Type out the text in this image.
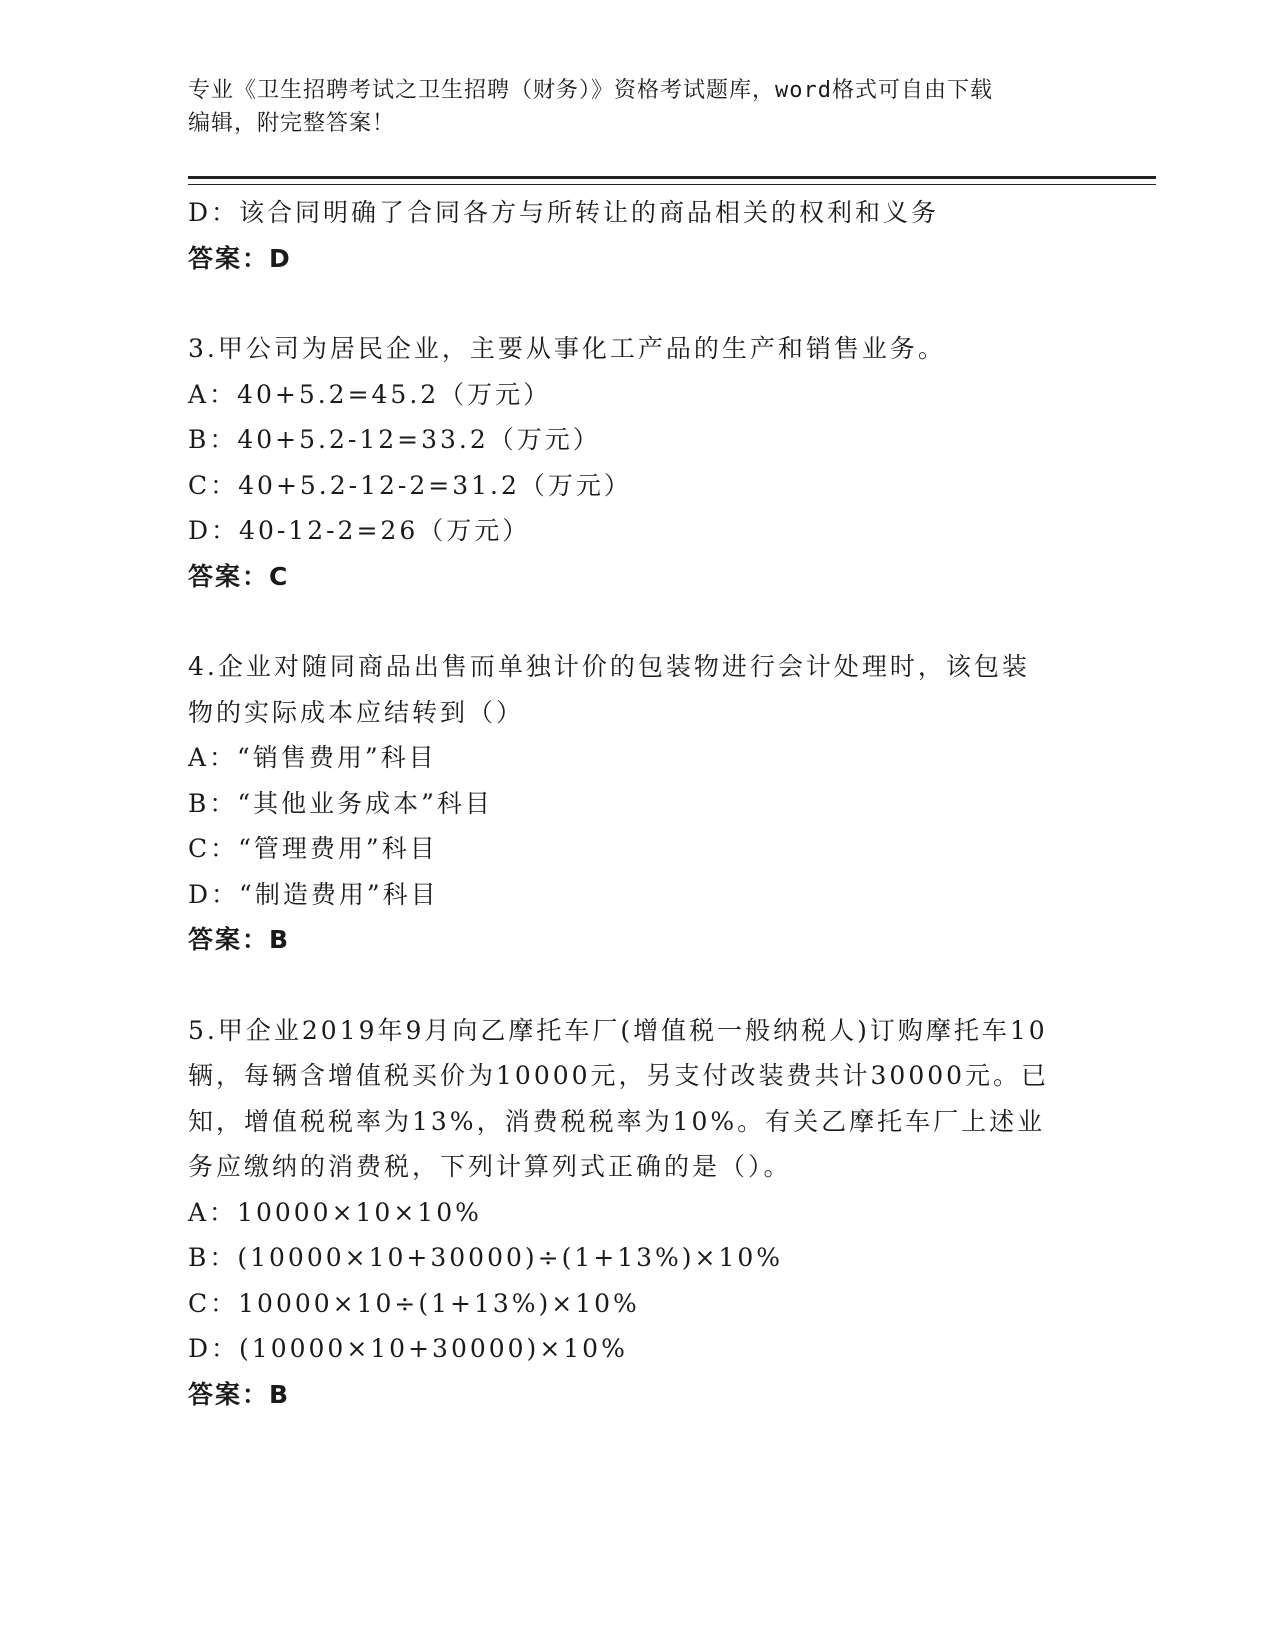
专业《卫生招聘考试之卫生招聘（财务）》资格考试题库，word格式可自由下载
编辑，附完整答案！
D：该合同明确了合同各方与所转让的商品相关的权利和义务
答案：D
3.甲公司为居民企业，主要从事化工产品的生产和销售业务。
A：40+5.2=45.2（万元）
B：40+5.2-12=33.2（万元）
C：40+5.2-12-2=31.2（万元）
D：40-12-2=26（万元）
答案：C
4.企业对随同商品出售而单独计价的包装物进行会计处理时，该包装
物的实际成本应结转到（）
A：“销售费用”科目
B：“其他业务成本”科目
C：“管理费用”科目
D：“制造费用”科目
答案：B
5.甲企业2019年9月向乙摩托车厂(增值税一般纳税人)订购摩托车10
辆，每辆含增值税买价为10000元，另支付改装费共计30000元。已
知，增值税税率为13%，消费税税率为10%。有关乙摩托车厂上述业
务应缴纳的消费税，下列计算列式正确的是（）。
A：10000×10×10%
B：(10000×10+30000)÷(1+13%)×10%
C：10000×10÷(1+13%)×10%
D：(10000×10+30000)×10%
答案：B
